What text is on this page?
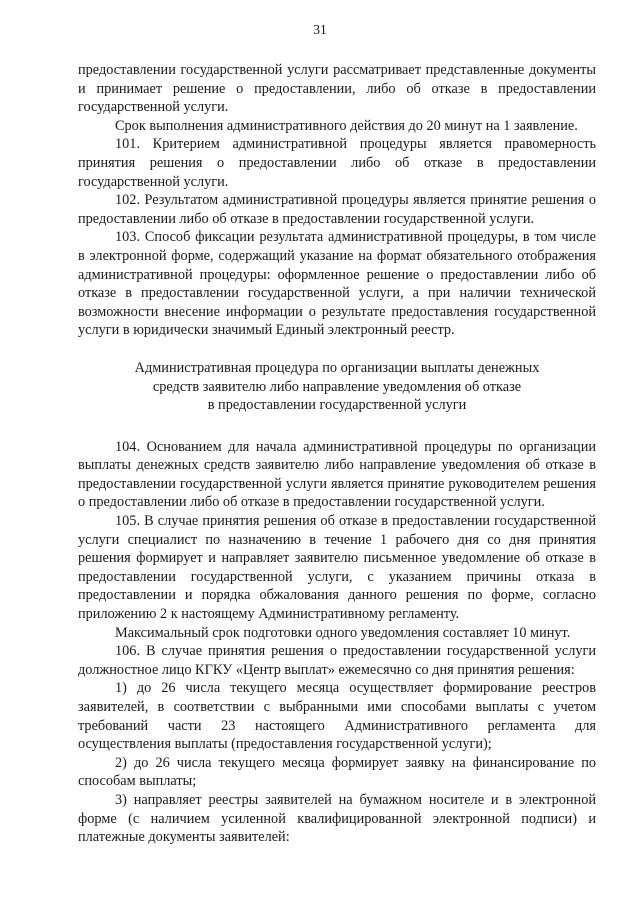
31

предоставлении государственной услуги рассматривает представленные документы и принимает решение о предоставлении, либо об отказе в предоставлении государственной услуги.

Срок выполнения административного действия до 20 минут на 1 заявление.

101. Критерием административной процедуры является правомерность принятия решения о предоставлении либо об отказе в предоставлении государственной услуги.

102. Результатом административной процедуры является принятие решения о предоставлении либо об отказе в предоставлении государственной услуги.

103. Способ фиксации результата административной процедуры, в том числе в электронной форме, содержащий указание на формат обязательного отображения административной процедуры: оформленное решение о предоставлении либо об отказе в предоставлении государственной услуги, а при наличии технической возможности внесение информации о результате предоставления государственной услуги в юридически значимый Единый электронный реестр.

Административная процедура по организации выплаты денежных
средств заявителю либо направление уведомления об отказе
в предоставлении государственной услуги

104. Основанием для начала административной процедуры по организации выплаты денежных средств заявителю либо направление уведомления об отказе в предоставлении государственной услуги является принятие руководителем решения о предоставлении либо об отказе в предоставлении государственной услуги.

105. В случае принятия решения об отказе в предоставлении государственной услуги специалист по назначению в течение 1 рабочего дня со дня принятия решения формирует и направляет заявителю письменное уведомление об отказе в предоставлении государственной услуги, с указанием причины отказа в предоставлении и порядка обжалования данного решения по форме, согласно приложению 2 к настоящему Административному регламенту.

Максимальный срок подготовки одного уведомления составляет 10 минут.

106. В случае принятия решения о предоставлении государственной услуги должностное лицо КГКУ «Центр выплат» ежемесячно со дня принятия решения:

1) до 26 числа текущего месяца осуществляет формирование реестров заявителей, в соответствии с выбранными ими способами выплаты с учетом требований части 23 настоящего Административного регламента для осуществления выплаты (предоставления государственной услуги);

2) до 26 числа текущего месяца формирует заявку на финансирование по способам выплаты;

3) направляет реестры заявителей на бумажном носителе и в электронной форме (с наличием усиленной квалифицированной электронной подписи) и платежные документы заявителей:
